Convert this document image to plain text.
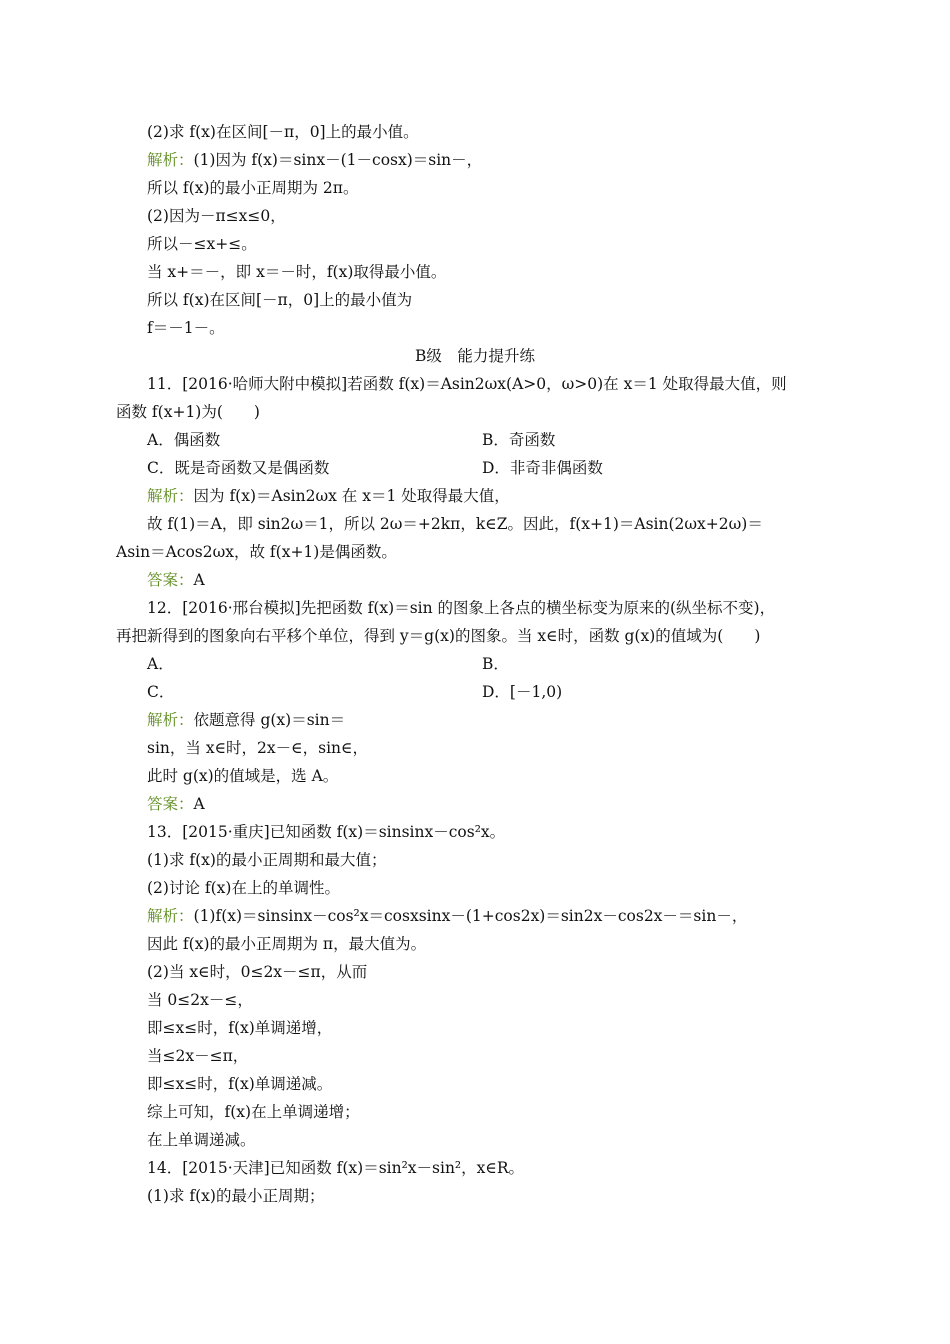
(2)求 f(x)在区间[－π，0]上的最小值。
解析：(1)因为 f(x)＝sinx－(1－cosx)＝sin－，
所以 f(x)的最小正周期为 2π。
(2)因为－π≤x≤0，
所以－≤x+≤。
当 x+＝－，即 x＝－时，f(x)取得最小值。
所以 f(x)在区间[－π，0]上的最小值为
f＝－1－。
B级　能力提升练
11．[2016·哈师大附中模拟]若函数 f(x)＝Asin2ωx(A>0，ω>0)在 x＝1 处取得最大值，则
函数 f(x+1)为(　　)
A．偶函数	B．奇函数
C．既是奇函数又是偶函数	D．非奇非偶函数
解析：因为 f(x)＝Asin2ωx 在 x＝1 处取得最大值，
故 f(1)＝A，即 sin2ω＝1，所以 2ω＝+2kπ，k∈Z。因此，f(x+1)＝Asin(2ωx+2ω)＝
Asin＝Acos2ωx，故 f(x+1)是偶函数。
答案：A
12．[2016·邢台模拟]先把函数 f(x)＝sin 的图象上各点的横坐标变为原来的(纵坐标不变)，
再把新得到的图象向右平移个单位，得到 y＝g(x)的图象。当 x∈时，函数 g(x)的值域为(　　)
A．	B．
C．	D．[－1,0)
解析：依题意得 g(x)＝sin＝
sin，当 x∈时，2x－∈，sin∈，
此时 g(x)的值域是，选 A。
答案：A
13．[2015·重庆]已知函数 f(x)＝sinsinx－cos²x。
(1)求 f(x)的最小正周期和最大值；
(2)讨论 f(x)在上的单调性。
解析：(1)f(x)＝sinsinx－cos²x＝cosxsinx－(1+cos2x)＝sin2x－cos2x－＝sin－，
因此 f(x)的最小正周期为 π，最大值为。
(2)当 x∈时，0≤2x－≤π，从而
当 0≤2x－≤，
即≤x≤时，f(x)单调递增，
当≤2x－≤π，
即≤x≤时，f(x)单调递减。
综上可知，f(x)在上单调递增；
在上单调递减。
14．[2015·天津]已知函数 f(x)＝sin²x－sin²，x∈R。
(1)求 f(x)的最小正周期；
